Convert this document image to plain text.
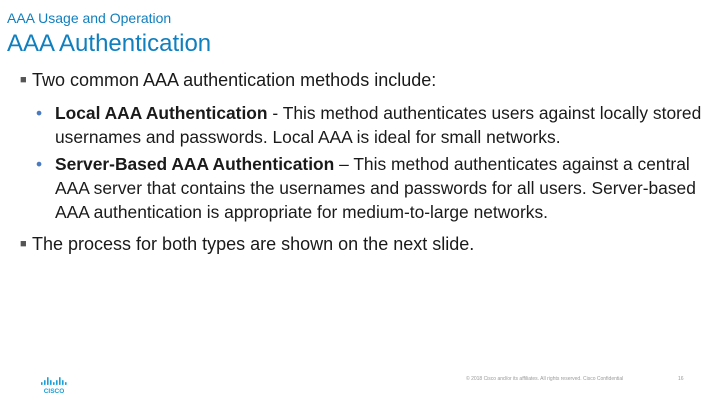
AAA Usage and Operation
AAA Authentication
■ Two common AAA authentication methods include:
• Local AAA Authentication - This method authenticates users against locally stored usernames and passwords. Local AAA is ideal for small networks.
• Server-Based AAA Authentication – This method authenticates against a central AAA server that contains the usernames and passwords for all users. Server-based AAA authentication is appropriate for medium-to-large networks.
■ The process for both types are shown on the next slide.
CISCO
© 2018 Cisco and/or its affiliates. All rights reserved. Cisco Confidential	16
